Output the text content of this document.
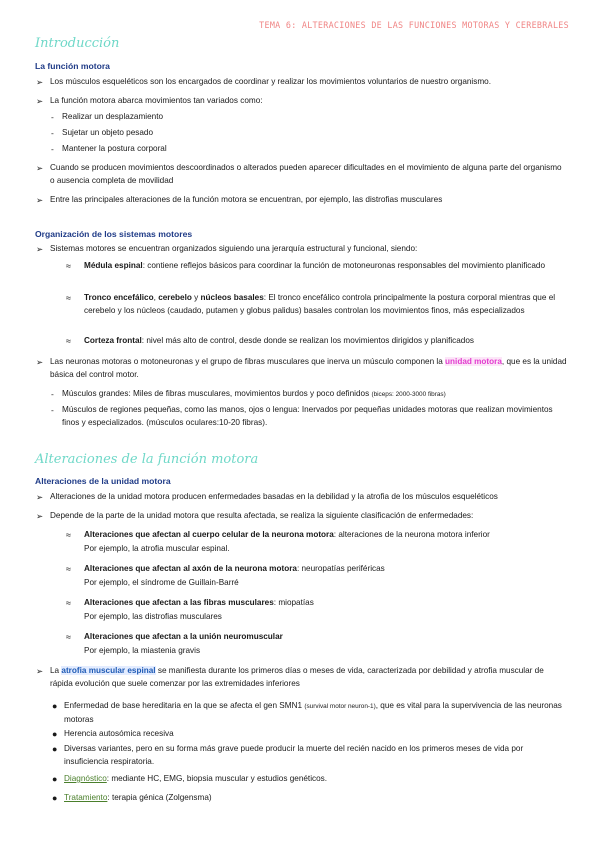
TEMA 6: ALTERACIONES DE LAS FUNCIONES MOTORAS Y CEREBRALES
Introducción
La función motora
➢ Los músculos esqueléticos son los encargados de coordinar y realizar los movimientos voluntarios de nuestro organismo.
➢ La función motora abarca movimientos tan variados como:
- Realizar un desplazamiento
- Sujetar un objeto pesado
- Mantener la postura corporal
➢ Cuando se producen movimientos descoordinados o alterados pueden aparecer dificultades en el movimiento de alguna parte del organismo o ausencia completa de movilidad
➢ Entre las principales alteraciones de la función motora se encuentran, por ejemplo, las distrofias musculares
Organización de los sistemas motores
➢ Sistemas motores se encuentran organizados siguiendo una jerarquía estructural y funcional, siendo:
≈ Médula espinal: contiene reflejos básicos para coordinar la función de motoneuronas responsables del movimiento planificado
≈ Tronco encefálico, cerebelo y núcleos basales: El tronco encefálico controla principalmente la postura corporal mientras que el cerebelo y los núcleos (caudado, putamen y globus palidus) basales controlan los movimientos finos, más especializados
≈ Corteza frontal: nivel más alto de control, desde donde se realizan los movimientos dirigidos y planificados
➢ Las neuronas motoras o motoneuronas y el grupo de fibras musculares que inerva un músculo componen la unidad motora, que es la unidad básica del control motor.
- Músculos grandes: Miles de fibras musculares, movimientos burdos y poco definidos (biceps: 2000-3000 fibras)
- Músculos de regiones pequeñas, como las manos, ojos o lengua: Inervados por pequeñas unidades motoras que realizan movimientos finos y especializados. (músculos oculares:10-20 fibras).
Alteraciones de la función motora
Alteraciones de la unidad motora
➢ Alteraciones de la unidad motora producen enfermedades basadas en la debilidad y la atrofia de los músculos esqueléticos
➢ Depende de la parte de la unidad motora que resulta afectada, se realiza la siguiente clasificación de enfermedades:
≈ Alteraciones que afectan al cuerpo celular de la neurona motora: alteraciones de la neurona motora inferior
Por ejemplo, la atrofia muscular espinal.
≈ Alteraciones que afectan al axón de la neurona motora: neuropatías periféricas
Por ejemplo, el síndrome de Guillain-Barré
≈ Alteraciones que afectan a las fibras musculares: miopatías
Por ejemplo, las distrofias musculares
≈ Alteraciones que afectan a la unión neuromuscular
Por ejemplo, la miastenia gravis
➢ La atrofia muscular espinal se manifiesta durante los primeros días o meses de vida, caracterizada por debilidad y atrofia muscular de rápida evolución que suele comenzar por las extremidades inferiores
● Enfermedad de base hereditaria en la que se afecta el gen SMN1 (survival motor neuron-1), que es vital para la supervivencia de las neuronas motoras
● Herencia autosómica recesiva
● Diversas variantes, pero en su forma más grave puede producir la muerte del recién nacido en los primeros meses de vida por insuficiencia respiratoria.
● Diagnóstico: mediante HC, EMG, biopsia muscular y estudios genéticos.
● Tratamiento: terapia génica (Zolgensma)
